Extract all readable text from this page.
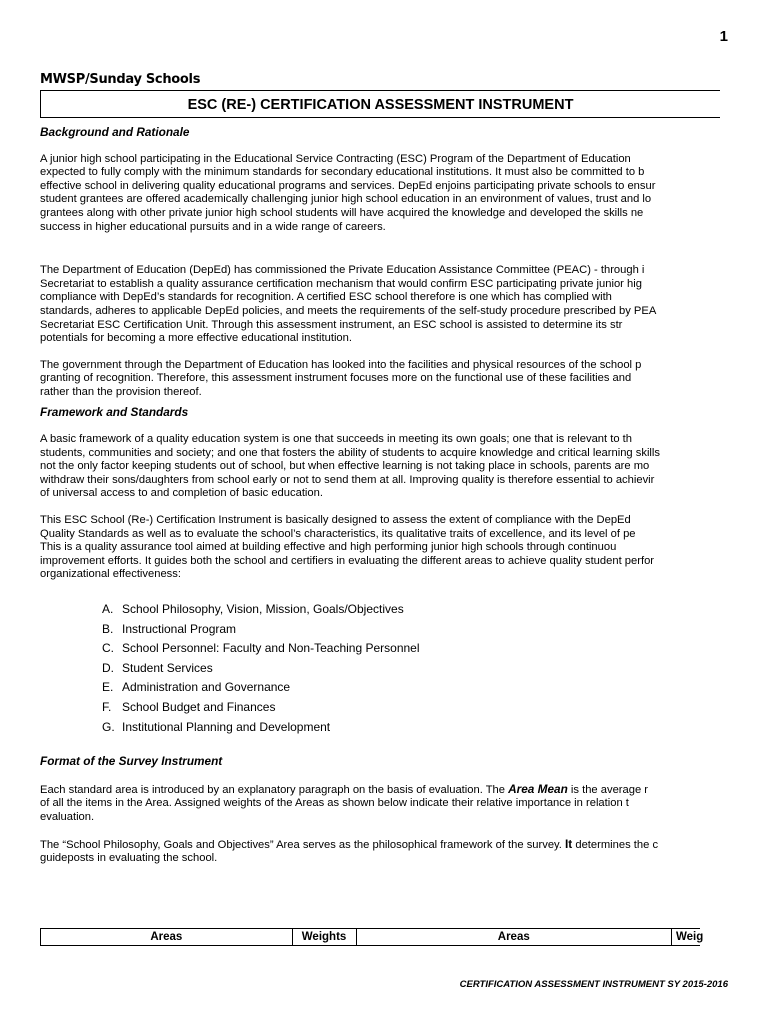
1
MWSP/Sunday Schools
ESC (RE-) CERTIFICATION ASSESSMENT INSTRUMENT

Background and Rationale

A junior high school participating in the Educational Service Contracting (ESC) Program of the Department of Education
expected to fully comply with the minimum standards for secondary educational institutions. It must also be committed to b
effective school in delivering quality educational programs and services. DepEd enjoins participating private schools to ensur
student grantees are offered academically challenging junior high school education in an environment of values, trust and lo
grantees along with other private junior high school students will have acquired the knowledge and developed the skills ne
success in higher educational pursuits and in a wide range of careers.

The Department of Education (DepEd) has commissioned the Private Education Assistance Committee (PEAC) - through i
Secretariat to establish a quality assurance certification mechanism that would confirm ESC participating private junior hig
compliance with DepEd’s standards for recognition. A certified ESC school therefore is one which has complied with
standards, adheres to applicable DepEd policies, and meets the requirements of the self-study procedure prescribed by PEA
Secretariat ESC Certification Unit. Through this assessment instrument, an ESC school is assisted to determine its str
potentials for becoming a more effective educational institution.

The government through the Department of Education has looked into the facilities and physical resources of the school p
granting of recognition. Therefore, this assessment instrument focuses more on the functional use of these facilities and
rather than the provision thereof.

Framework and Standards

A basic framework of a quality education system is one that succeeds in meeting its own goals; one that is relevant to th
students, communities and society; and one that fosters the ability of students to acquire knowledge and critical learning skills
not the only factor keeping students out of school, but when effective learning is not taking place in schools, parents are mo
withdraw their sons/daughters from school early or not to send them at all. Improving quality is therefore essential to achievir
of universal access to and completion of basic education.

This ESC School (Re-) Certification Instrument is basically designed to assess the extent of compliance with the DepEd
Quality Standards as well as to evaluate the school’s characteristics, its qualitative traits of excellence, and its level of pe
This is a quality assurance tool aimed at building effective and high performing junior high schools through continuou
improvement efforts. It guides both the school and certifiers in evaluating the different areas to achieve quality student perfor
organizational effectiveness:

A. School Philosophy, Vision, Mission, Goals/Objectives
B. Instructional Program
C. School Personnel: Faculty and Non-Teaching Personnel
D. Student Services
E. Administration and Governance
F. School Budget and Finances
G. Institutional Planning and Development

Format of the Survey Instrument

Each standard area is introduced by an explanatory paragraph on the basis of evaluation. The Area Mean is the average r
of all the items in the Area. Assigned weights of the Areas as shown below indicate their relative importance in relation t
evaluation.

The “School Philosophy, Goals and Objectives” Area serves as the philosophical framework of the survey. It determines the c
guideposts in evaluating the school.

Areas	Weights	Areas	Weig
CERTIFICATION ASSESSMENT INSTRUMENT SY 2015-2016
